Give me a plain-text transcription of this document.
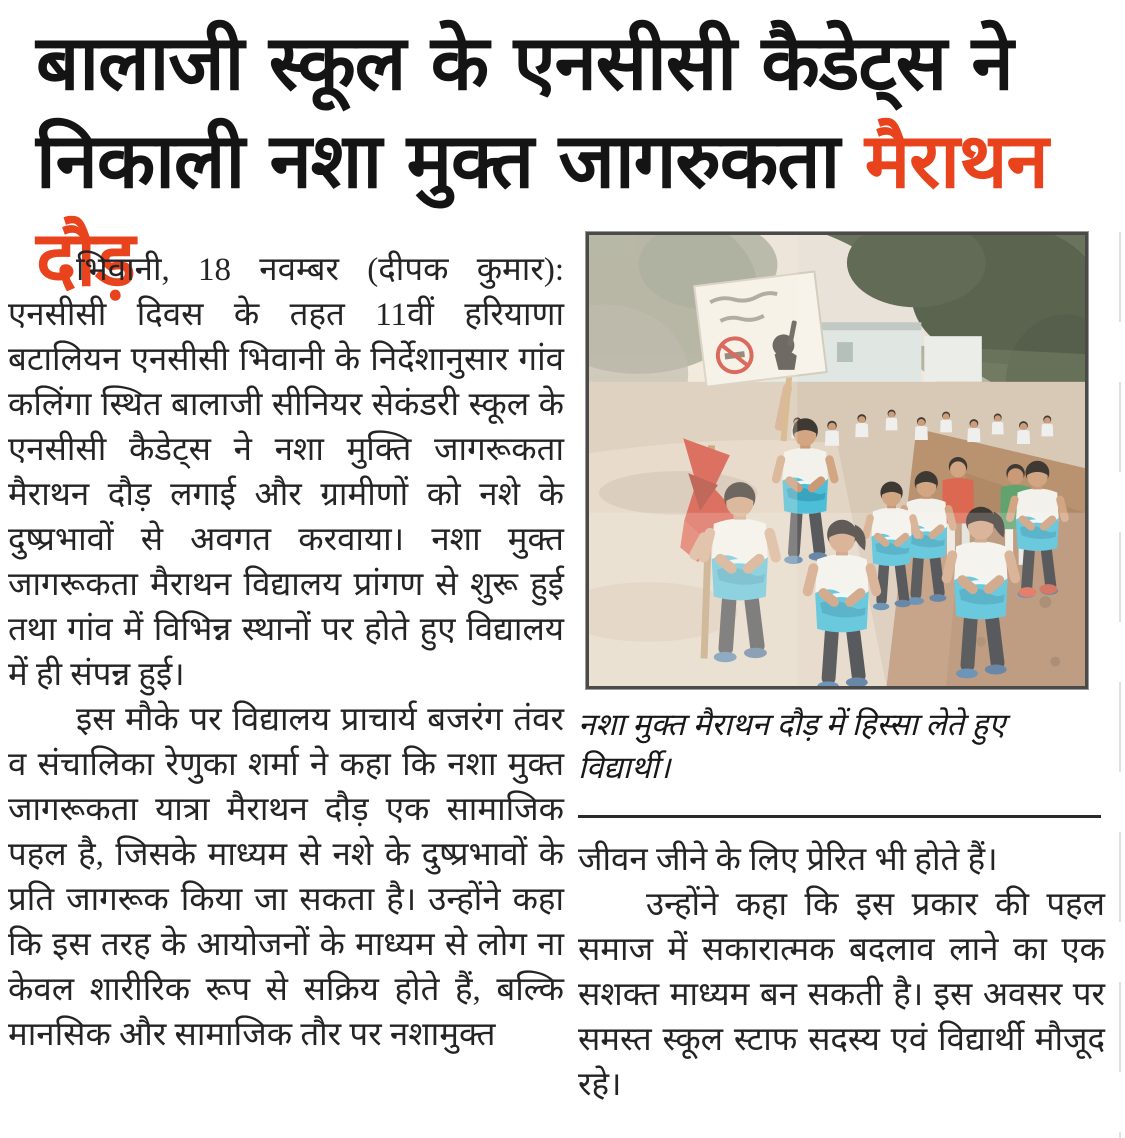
बालाजी स्कूल के एनसीसी कैडेट्स ने निकाली नशा मुक्त जागरुकता मैराथन दौड़

भिवानी, 18 नवम्बर (दीपक कुमार): एनसीसी दिवस के तहत 11वीं हरियाणा बटालियन एनसीसी भिवानी के निर्देशानुसार गांव कलिंगा स्थित बालाजी सीनियर सेकंडरी स्कूल के एनसीसी कैडेट्स ने नशा मुक्ति जागरूकता मैराथन दौड़ लगाई और ग्रामीणों को नशे के दुष्प्रभावों से अवगत करवाया। नशा मुक्त जागरूकता मैराथन विद्यालय प्रांगण से शुरू हुई तथा गांव में विभिन्न स्थानों पर होते हुए विद्यालय में ही संपन्न हुई।

इस मौके पर विद्यालय प्राचार्य बजरंग तंवर व संचालिका रेणुका शर्मा ने कहा कि नशा मुक्त जागरूकता यात्रा मैराथन दौड़ एक सामाजिक पहल है, जिसके माध्यम से नशे के दुष्प्रभावों के प्रति जागरूक किया जा सकता है। उन्होंने कहा कि इस तरह के आयोजनों के माध्यम से लोग ना केवल शारीरिक रूप से सक्रिय होते हैं, बल्कि मानसिक और सामाजिक तौर पर नशामुक्त

नशा मुक्त मैराथन दौड़ में हिस्सा लेते हुए विद्यार्थी।

जीवन जीने के लिए प्रेरित भी होते हैं।

उन्होंने कहा कि इस प्रकार की पहल समाज में सकारात्मक बदलाव लाने का एक सशक्त माध्यम बन सकती है। इस अवसर पर समस्त स्कूल स्टाफ सदस्य एवं विद्यार्थी मौजूद रहे।
